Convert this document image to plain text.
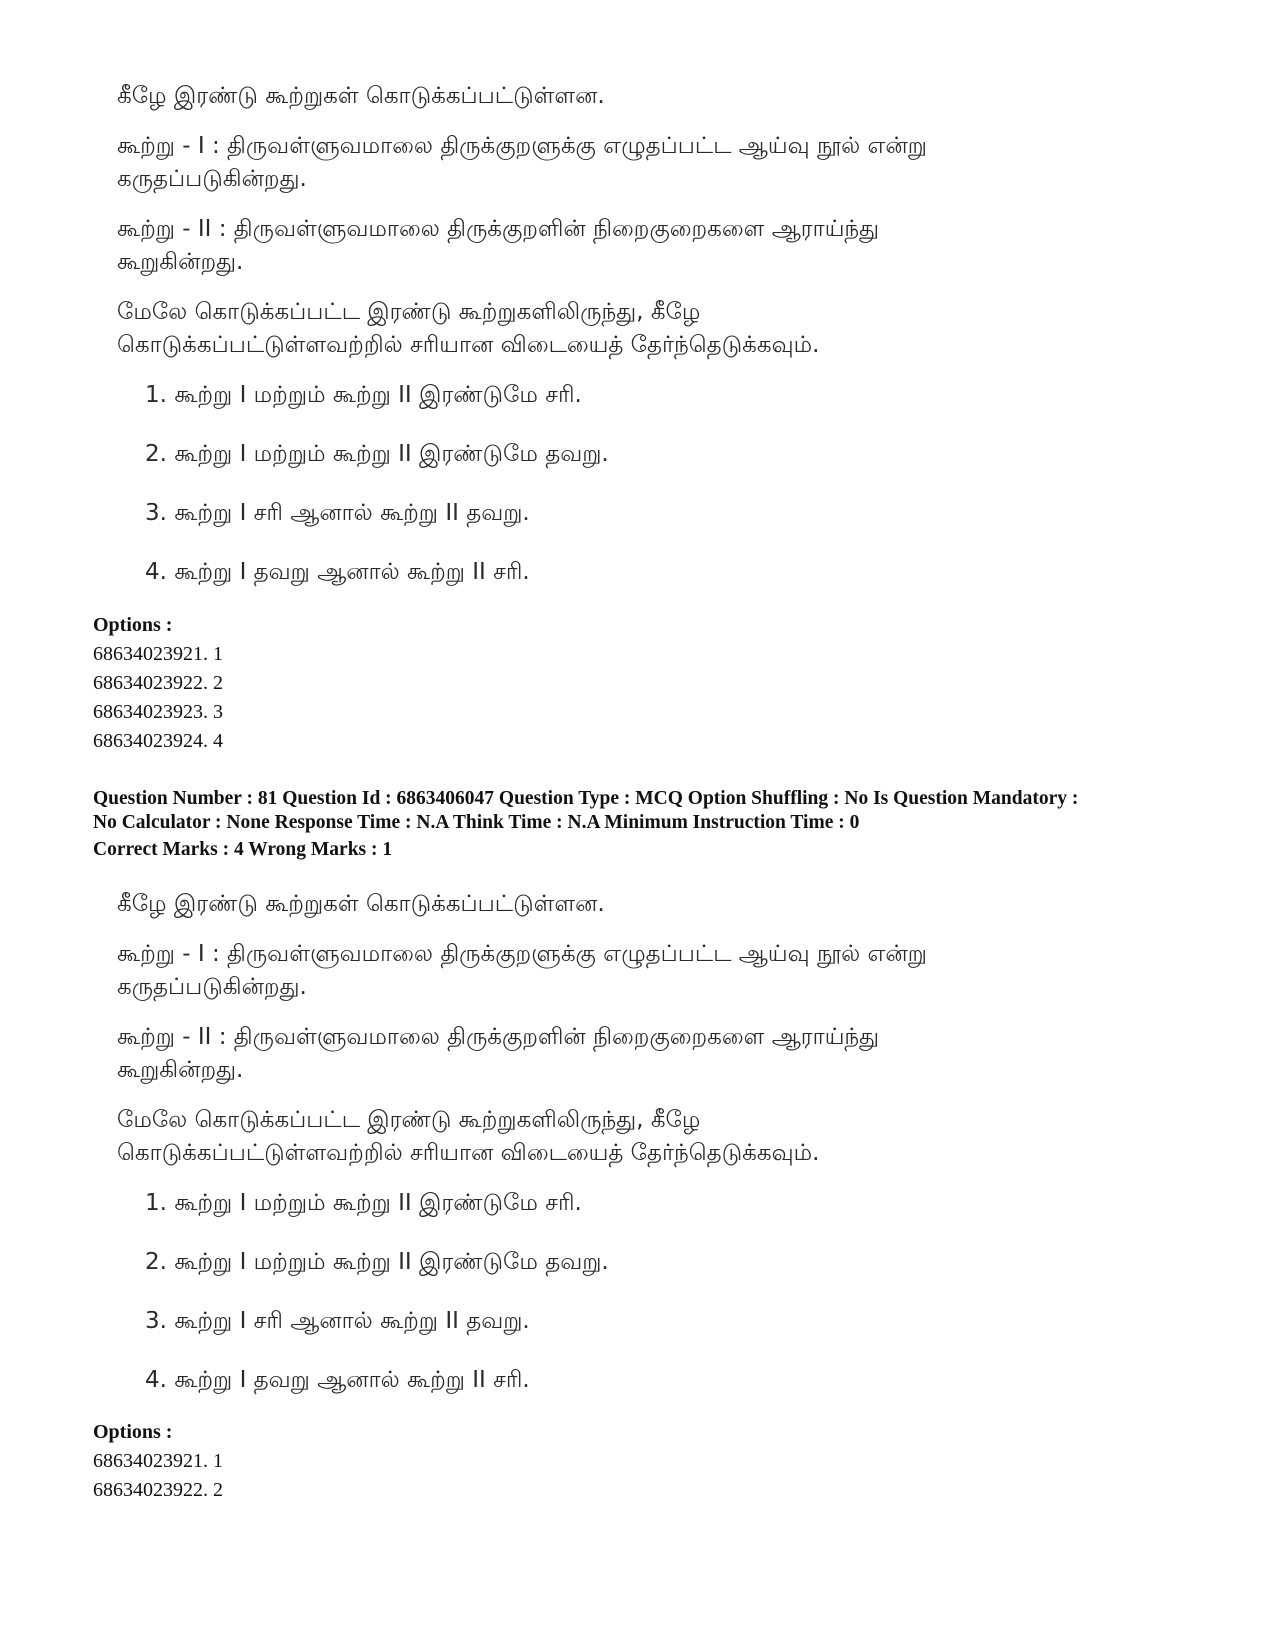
கீழே இரண்டு கூற்றுகள் கொடுக்கப்பட்டுள்ளன.
கூற்று - I : திருவள்ளுவமாலை திருக்குறளுக்கு எழுதப்பட்ட ஆய்வு நூல் என்று
கருதப்படுகின்றது.
கூற்று - II : திருவள்ளுவமாலை திருக்குறளின் நிறைகுறைகளை ஆராய்ந்து
கூறுகின்றது.
மேலே கொடுக்கப்பட்ட இரண்டு கூற்றுகளிலிருந்து, கீழே
கொடுக்கப்பட்டுள்ளவற்றில் சரியான விடையைத் தேர்ந்தெடுக்கவும்.
1. கூற்று I மற்றும் கூற்று II இரண்டுமே சரி.
2. கூற்று I மற்றும் கூற்று II இரண்டுமே தவறு.
3. கூற்று I சரி ஆனால் கூற்று II தவறு.
4. கூற்று I தவறு ஆனால் கூற்று II சரி.
Options :
68634023921. 1
68634023922. 2
68634023923. 3
68634023924. 4
Question Number : 81 Question Id : 6863406047 Question Type : MCQ Option Shuffling : No Is Question Mandatory :
No Calculator : None Response Time : N.A Think Time : N.A Minimum Instruction Time : 0
Correct Marks : 4 Wrong Marks : 1
கீழே இரண்டு கூற்றுகள் கொடுக்கப்பட்டுள்ளன.
கூற்று - I : திருவள்ளுவமாலை திருக்குறளுக்கு எழுதப்பட்ட ஆய்வு நூல் என்று
கருதப்படுகின்றது.
கூற்று - II : திருவள்ளுவமாலை திருக்குறளின் நிறைகுறைகளை ஆராய்ந்து
கூறுகின்றது.
மேலே கொடுக்கப்பட்ட இரண்டு கூற்றுகளிலிருந்து, கீழே
கொடுக்கப்பட்டுள்ளவற்றில் சரியான விடையைத் தேர்ந்தெடுக்கவும்.
1. கூற்று I மற்றும் கூற்று II இரண்டுமே சரி.
2. கூற்று I மற்றும் கூற்று II இரண்டுமே தவறு.
3. கூற்று I சரி ஆனால் கூற்று II தவறு.
4. கூற்று I தவறு ஆனால் கூற்று II சரி.
Options :
68634023921. 1
68634023922. 2
